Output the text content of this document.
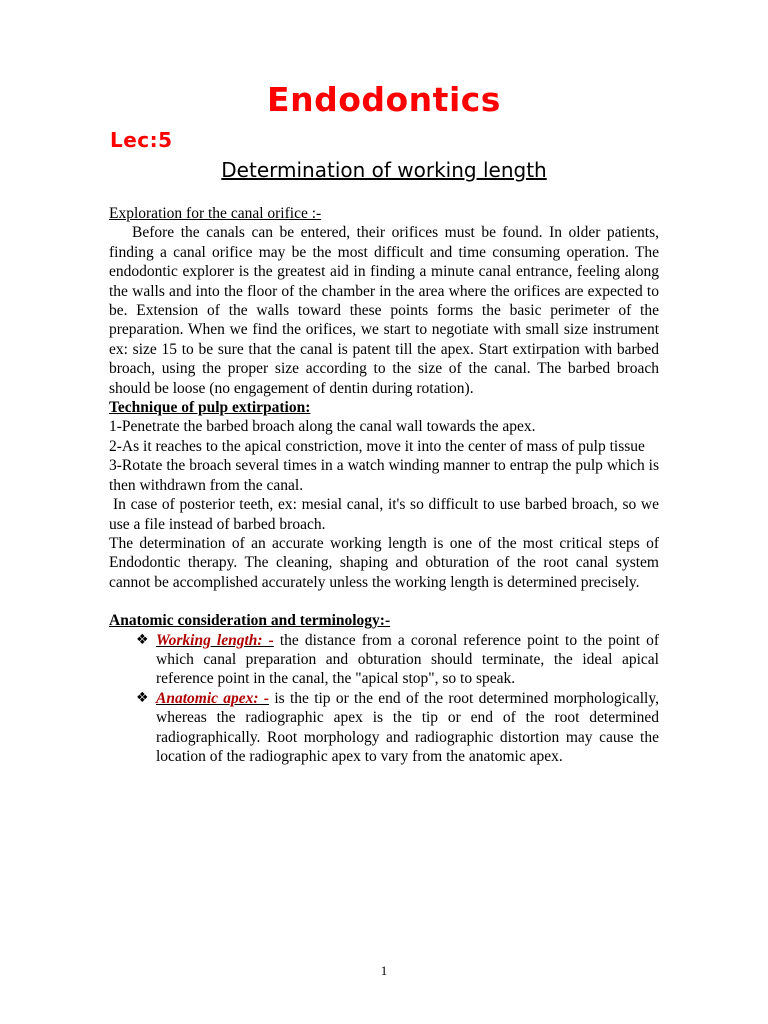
Endodontics
Lec:5
Determination of working length

Exploration for the canal orifice :-

Before the canals can be entered, their orifices must be found. In older patients, finding a canal orifice may be the most difficult and time consuming operation. The endodontic explorer is the greatest aid in finding a minute canal entrance, feeling along the walls and into the floor of the chamber in the area where the orifices are expected to be. Extension of the walls toward these points forms the basic perimeter of the preparation. When we find the orifices, we start to negotiate with small size instrument ex: size 15 to be sure that the canal is patent till the apex. Start extirpation with barbed broach, using the proper size according to the size of the canal. The barbed broach should be loose (no engagement of dentin during rotation).

Technique of pulp extirpation:

1-Penetrate the barbed broach along the canal wall towards the apex.

2-As it reaches to the apical constriction, move it into the center of mass of pulp tissue

3-Rotate the broach several times in a watch winding manner to entrap the pulp which is then withdrawn from the canal.

In case of posterior teeth, ex: mesial canal, it's so difficult to use barbed broach, so we use a file instead of barbed broach.

The determination of an accurate working length is one of the most critical steps of Endodontic therapy. The cleaning, shaping and obturation of the root canal system cannot be accomplished accurately unless the working length is determined precisely.

Anatomic consideration and terminology:-

❖ Working length: - the distance from a coronal reference point to the point of which canal preparation and obturation should terminate, the ideal apical reference point in the canal, the "apical stop", so to speak.
❖ Anatomic apex: - is the tip or the end of the root determined morphologically, whereas the radiographic apex is the tip or end of the root determined radiographically. Root morphology and radiographic distortion may cause the location of the radiographic apex to vary from the anatomic apex.
1
